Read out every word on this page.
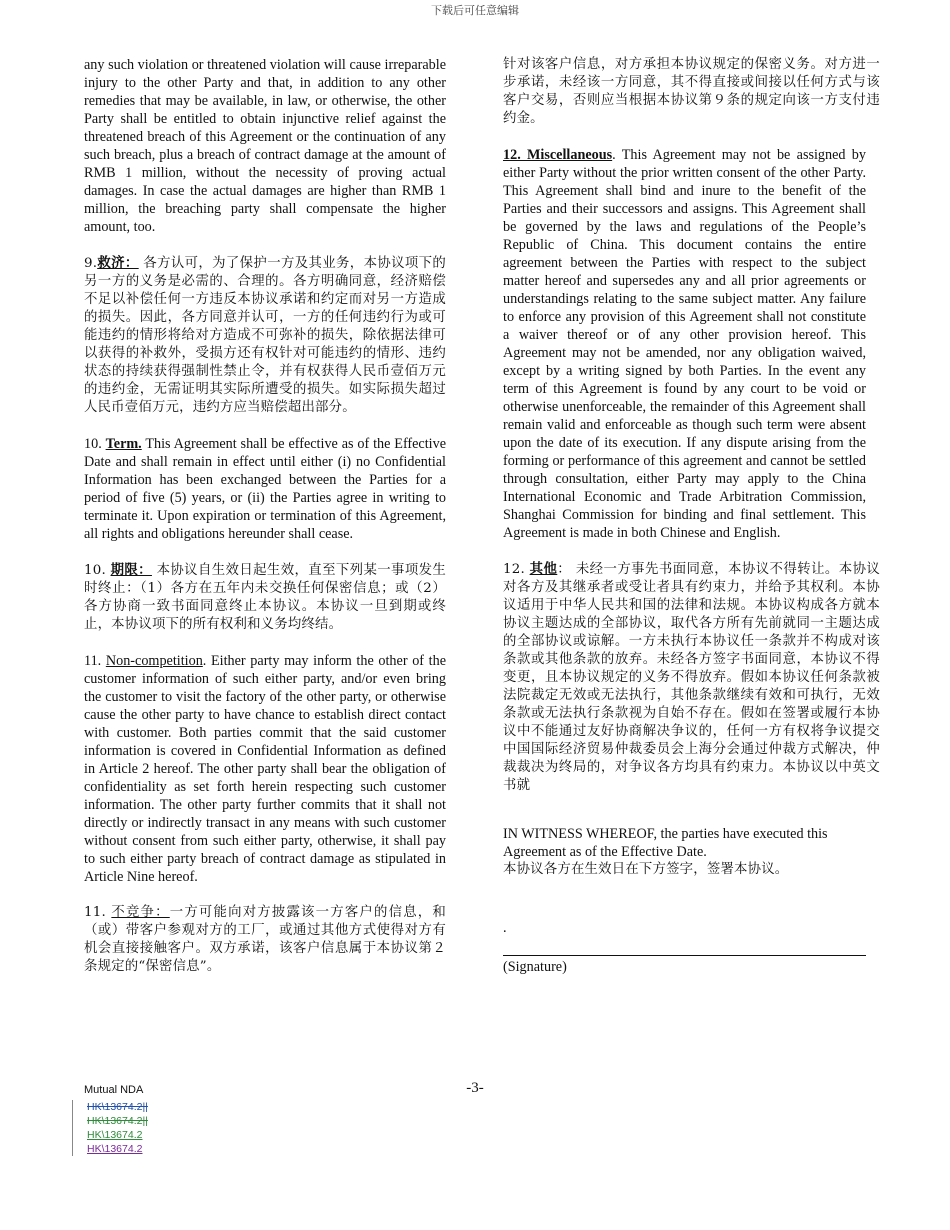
下载后可任意编辑

any such violation or threatened violation will cause irreparable injury to the other Party and that, in addition to any other remedies that may be available, in law, or otherwise, the other Party shall be entitled to obtain injunctive relief against the threatened breach of this Agreement or the continuation of any such breach, plus a breach of contract damage at the amount of RMB 1 million, without the necessity of proving actual damages. In case the actual damages are higher than RMB 1 million, the breaching party shall compensate the higher amount, too.

9.救济： 各方认可，为了保护一方及其业务，本协议项下的另一方的义务是必需的、合理的。各方明确同意，经济赔偿不足以补偿任何一方违反本协议承诺和约定而对另一方造成的损失。因此，各方同意并认可，一方的任何违约行为或可能违约的情形将给对方造成不可弥补的损失，除依据法律可以获得的补救外，受损方还有权针对可能违约的情形、违约状态的持续获得强制性禁止令，并有权获得人民币壹佰万元的违约金，无需证明其实际所遭受的损失。如实际损失超过人民币壹佰万元，违约方应当赔偿超出部分。

10. Term. This Agreement shall be effective as of the Effective Date and shall remain in effect until either (i) no Confidential Information has been exchanged between the Parties for a period of five (5) years, or (ii) the Parties agree in writing to terminate it. Upon expiration or termination of this Agreement, all rights and obligations hereunder shall cease.

10. 期限： 本协议自生效日起生效，直至下列某一事项发生时终止：（1）各方在五年内未交换任何保密信息；或（2）各方协商一致书面同意终止本协议。本协议一旦到期或终止，本协议项下的所有权利和义务均终结。

11. Non-competition. Either party may inform the other of the customer information of such either party, and/or even bring the customer to visit the factory of the other party, or otherwise cause the other party to have chance to establish direct contact with customer. Both parties commit that the said customer information is covered in Confidential Information as defined in Article 2 hereof. The other party shall bear the obligation of confidentiality as set forth herein respecting such customer information. The other party further commits that it shall not directly or indirectly transact in any means with such customer without consent from such either party, otherwise, it shall pay to such either party breach of contract damage as stipulated in Article Nine hereof.

11. 不竞争：一方可能向对方披露该一方客户的信息，和（或）带客户参观对方的工厂，或通过其他方式使得对方有机会直接接触客户。双方承诺，该客户信息属于本协议第２条规定的“保密信息”。

针对该客户信息，对方承担本协议规定的保密义务。对方进一步承诺，未经该一方同意，其不得直接或间接以任何方式与该客户交易，否则应当根据本协议第９条的规定向该一方支付违约金。

12. Miscellaneous. This Agreement may not be assigned by either Party without the prior written consent of the other Party. This Agreement shall bind and inure to the benefit of the Parties and their successors and assigns. This Agreement shall be governed by the laws and regulations of the People’s Republic of China. This document contains the entire agreement between the Parties with respect to the subject matter hereof and supersedes any and all prior agreements or understandings relating to the same subject matter. Any failure to enforce any provision of this Agreement shall not constitute a waiver thereof or of any other provision hereof. This Agreement may not be amended, nor any obligation waived, except by a writing signed by both Parties. In the event any term of this Agreement is found by any court to be void or otherwise unenforceable, the remainder of this Agreement shall remain valid and enforceable as though such term were absent upon the date of its execution. If any dispute arising from the forming or performance of this agreement and cannot be settled through consultation, either Party may apply to the China International Economic and Trade Arbitration Commission, Shanghai Commission for binding and final settlement. This Agreement is made in both Chinese and English.

12. 其他： 未经一方事先书面同意，本协议不得转让。本协议对各方及其继承者或受让者具有约束力，并给予其权利。本协议适用于中华人民共和国的法律和法规。本协议构成各方就本协议主题达成的全部协议，取代各方所有先前就同一主题达成的全部协议或谅解。一方未执行本协议任一条款并不构成对该条款或其他条款的放弃。未经各方签字书面同意，本协议不得变更，且本协议规定的义务不得放弃。假如本协议任何条款被法院裁定无效或无法执行，其他条款继续有效和可执行，无效条款或无法执行条款视为自始不存在。假如在签署或履行本协议中不能通过友好协商解决争议的，任何一方有权将争议提交中国国际经济贸易仲裁委员会上海分会通过仲裁方式解决，仲裁裁决为终局的，对争议各方均具有约束力。本协议以中英文书就

IN WITNESS WHEREOF, the parties have executed this Agreement as of the Effective Date.

本协议各方在生效日在下方签字，签署本协议。

.

(Signature)
Mutual NDA	-3-
HK\13674.2||
HK\13674.2||
HK\13674.2
HK\13674.2
